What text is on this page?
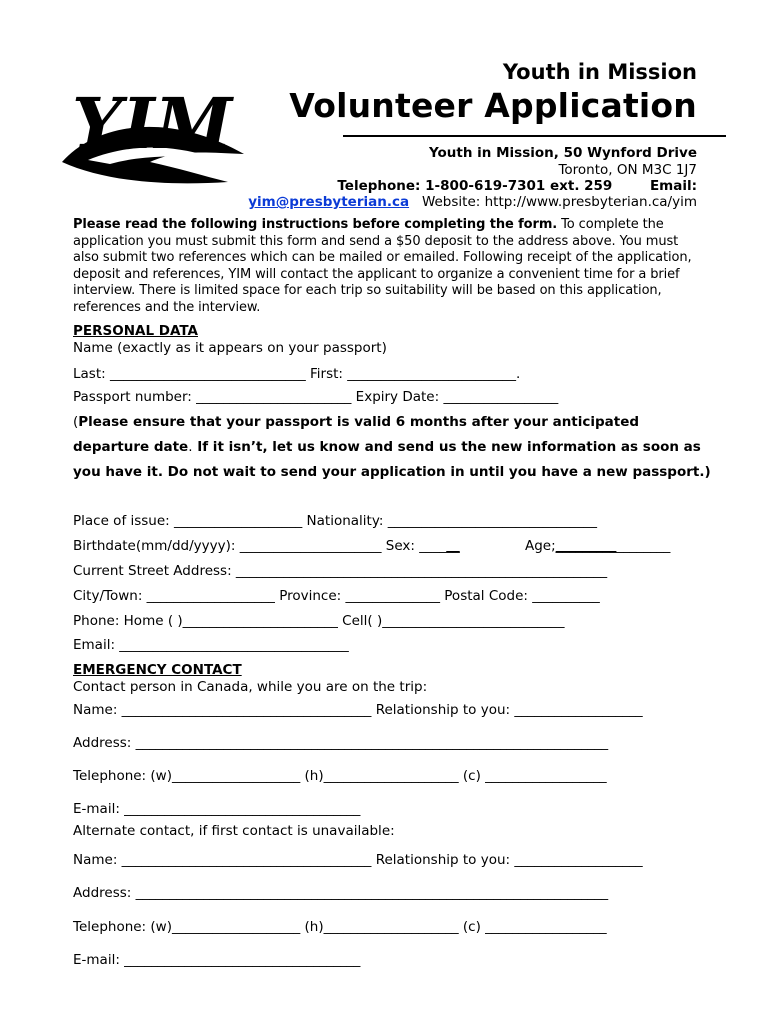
YIM
Youth in Mission
Volunteer Application
Youth in Mission, 50 Wynford Drive
Toronto, ON M3C 1J7
Telephone: 1-800-619-7301 ext. 259	Email:
yim@presbyterian.ca Website: http://www.presbyterian.ca/yim
Please read the following instructions before completing the form. To complete the application you must submit this form and send a $50 deposit to the address above. You must also submit two references which can be mailed or emailed. Following receipt of the application, deposit and references, YIM will contact the applicant to organize a convenient time for a brief interview. There is limited space for each trip so suitability will be based on this application, references and the interview.
PERSONAL DATA
Name (exactly as it appears on your passport)
Last: _____________________________ First: _________________________.
Passport number: _______________________ Expiry Date: _________________
(Please ensure that your passport is valid 6 months after your anticipated departure date. If it isn’t, let us know and send us the new information as soon as you have it. Do not wait to send your application in until you have a new passport.)
Place of issue: ___________________ Nationality: _______________________________
Birthdate(mm/dd/yyyy): _____________________ Sex: ______	Age;_________________
Current Street Address: _______________________________________________________
City/Town: ___________________ Province: ______________ Postal Code: __________
Phone: Home ( )_______________________ Cell( )___________________________
Email: __________________________________
EMERGENCY CONTACT
Contact person in Canada, while you are on the trip:
Name: _____________________________________ Relationship to you: ___________________
Address: ______________________________________________________________________
Telephone: (w)___________________ (h)____________________ (c) __________________
E-mail: ___________________________________
Alternate contact, if first contact is unavailable:
Name: _____________________________________ Relationship to you: ___________________
Address: ______________________________________________________________________
Telephone: (w)___________________ (h)____________________ (c) __________________
E-mail: ___________________________________
